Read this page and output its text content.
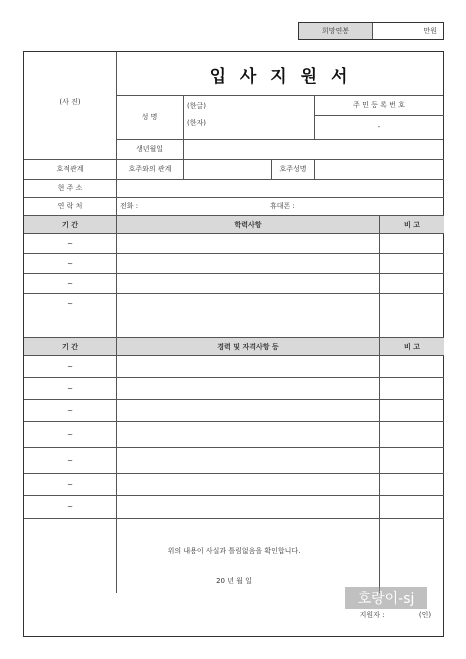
희망연봉	만원
입 사 지 원 서
(사 진)
성 명
(한글)
(한자)
주 민 등 록 번 호
-
생년월일
호적관계	호주와의 관계	호주성명
현 주 소
연 락 처	전화 :	휴대폰 :
기 간	학력사항	비 고
~
~
~
~
기 간	경력 및 자격사항 등	비 고
~
~
~
~
~
~
~
위의 내용이 사실과 틀림없음을 확인합니다.
20 년 월 일
지원자 :	(인)
호랑이-sj
